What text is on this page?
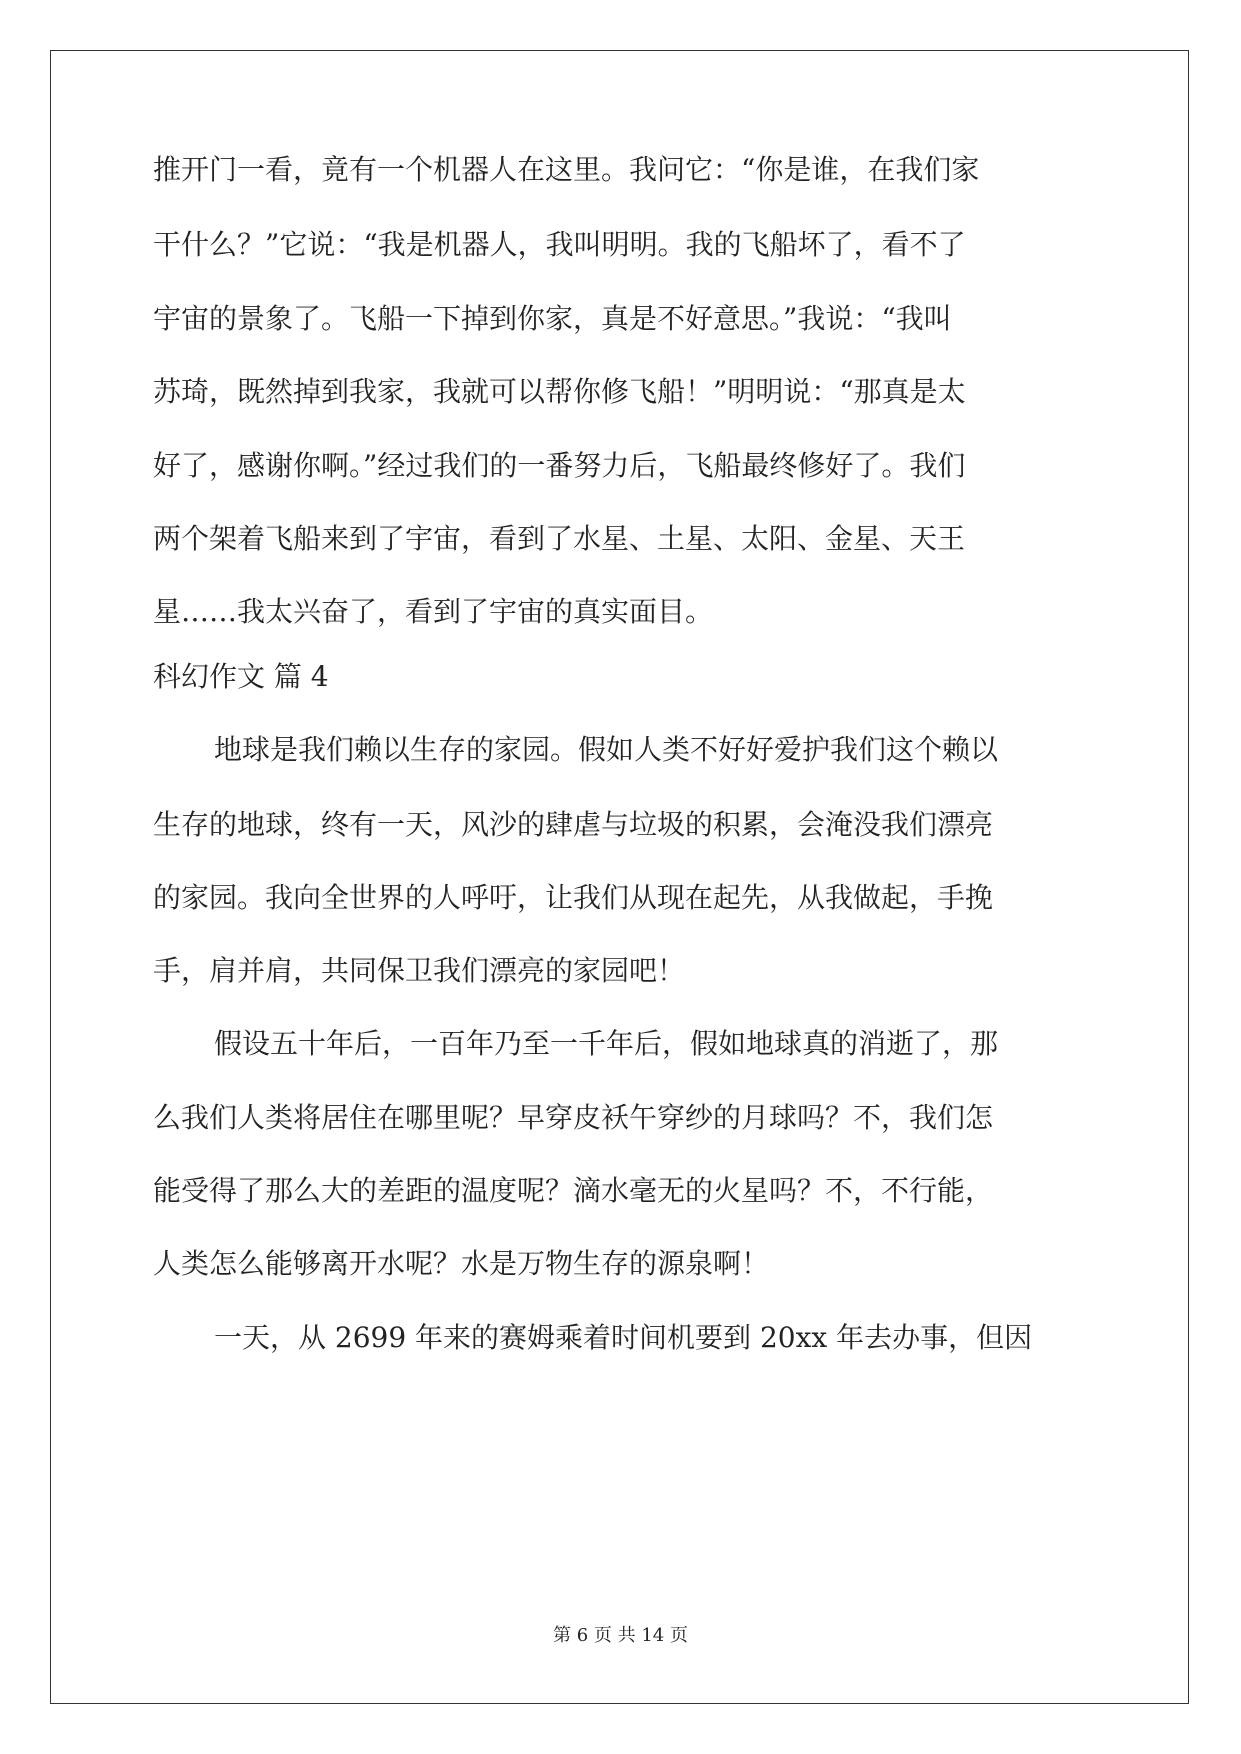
推开门一看，竟有一个机器人在这里。我问它：“你是谁，在我们家

干什么？”它说：“我是机器人，我叫明明。我的飞船坏了，看不了

宇宙的景象了。飞船一下掉到你家，真是不好意思。”我说：“我叫

苏琦，既然掉到我家，我就可以帮你修飞船！”明明说：“那真是太

好了，感谢你啊。”经过我们的一番努力后，飞船最终修好了。我们

两个架着飞船来到了宇宙，看到了水星、土星、太阳、金星、天王

星……我太兴奋了，看到了宇宙的真实面目。

科幻作文 篇 4

地球是我们赖以生存的家园。假如人类不好好爱护我们这个赖以

生存的地球，终有一天，风沙的肆虐与垃圾的积累，会淹没我们漂亮

的家园。我向全世界的人呼吁，让我们从现在起先，从我做起，手挽

手，肩并肩，共同保卫我们漂亮的家园吧！

假设五十年后，一百年乃至一千年后，假如地球真的消逝了，那

么我们人类将居住在哪里呢？早穿皮袄午穿纱的月球吗？不，我们怎

能受得了那么大的差距的温度呢？滴水毫无的火星吗？不，不行能，

人类怎么能够离开水呢？水是万物生存的源泉啊！

一天，从 2699 年来的赛姆乘着时间机要到 20xx 年去办事，但因

第 6 页 共 14 页
